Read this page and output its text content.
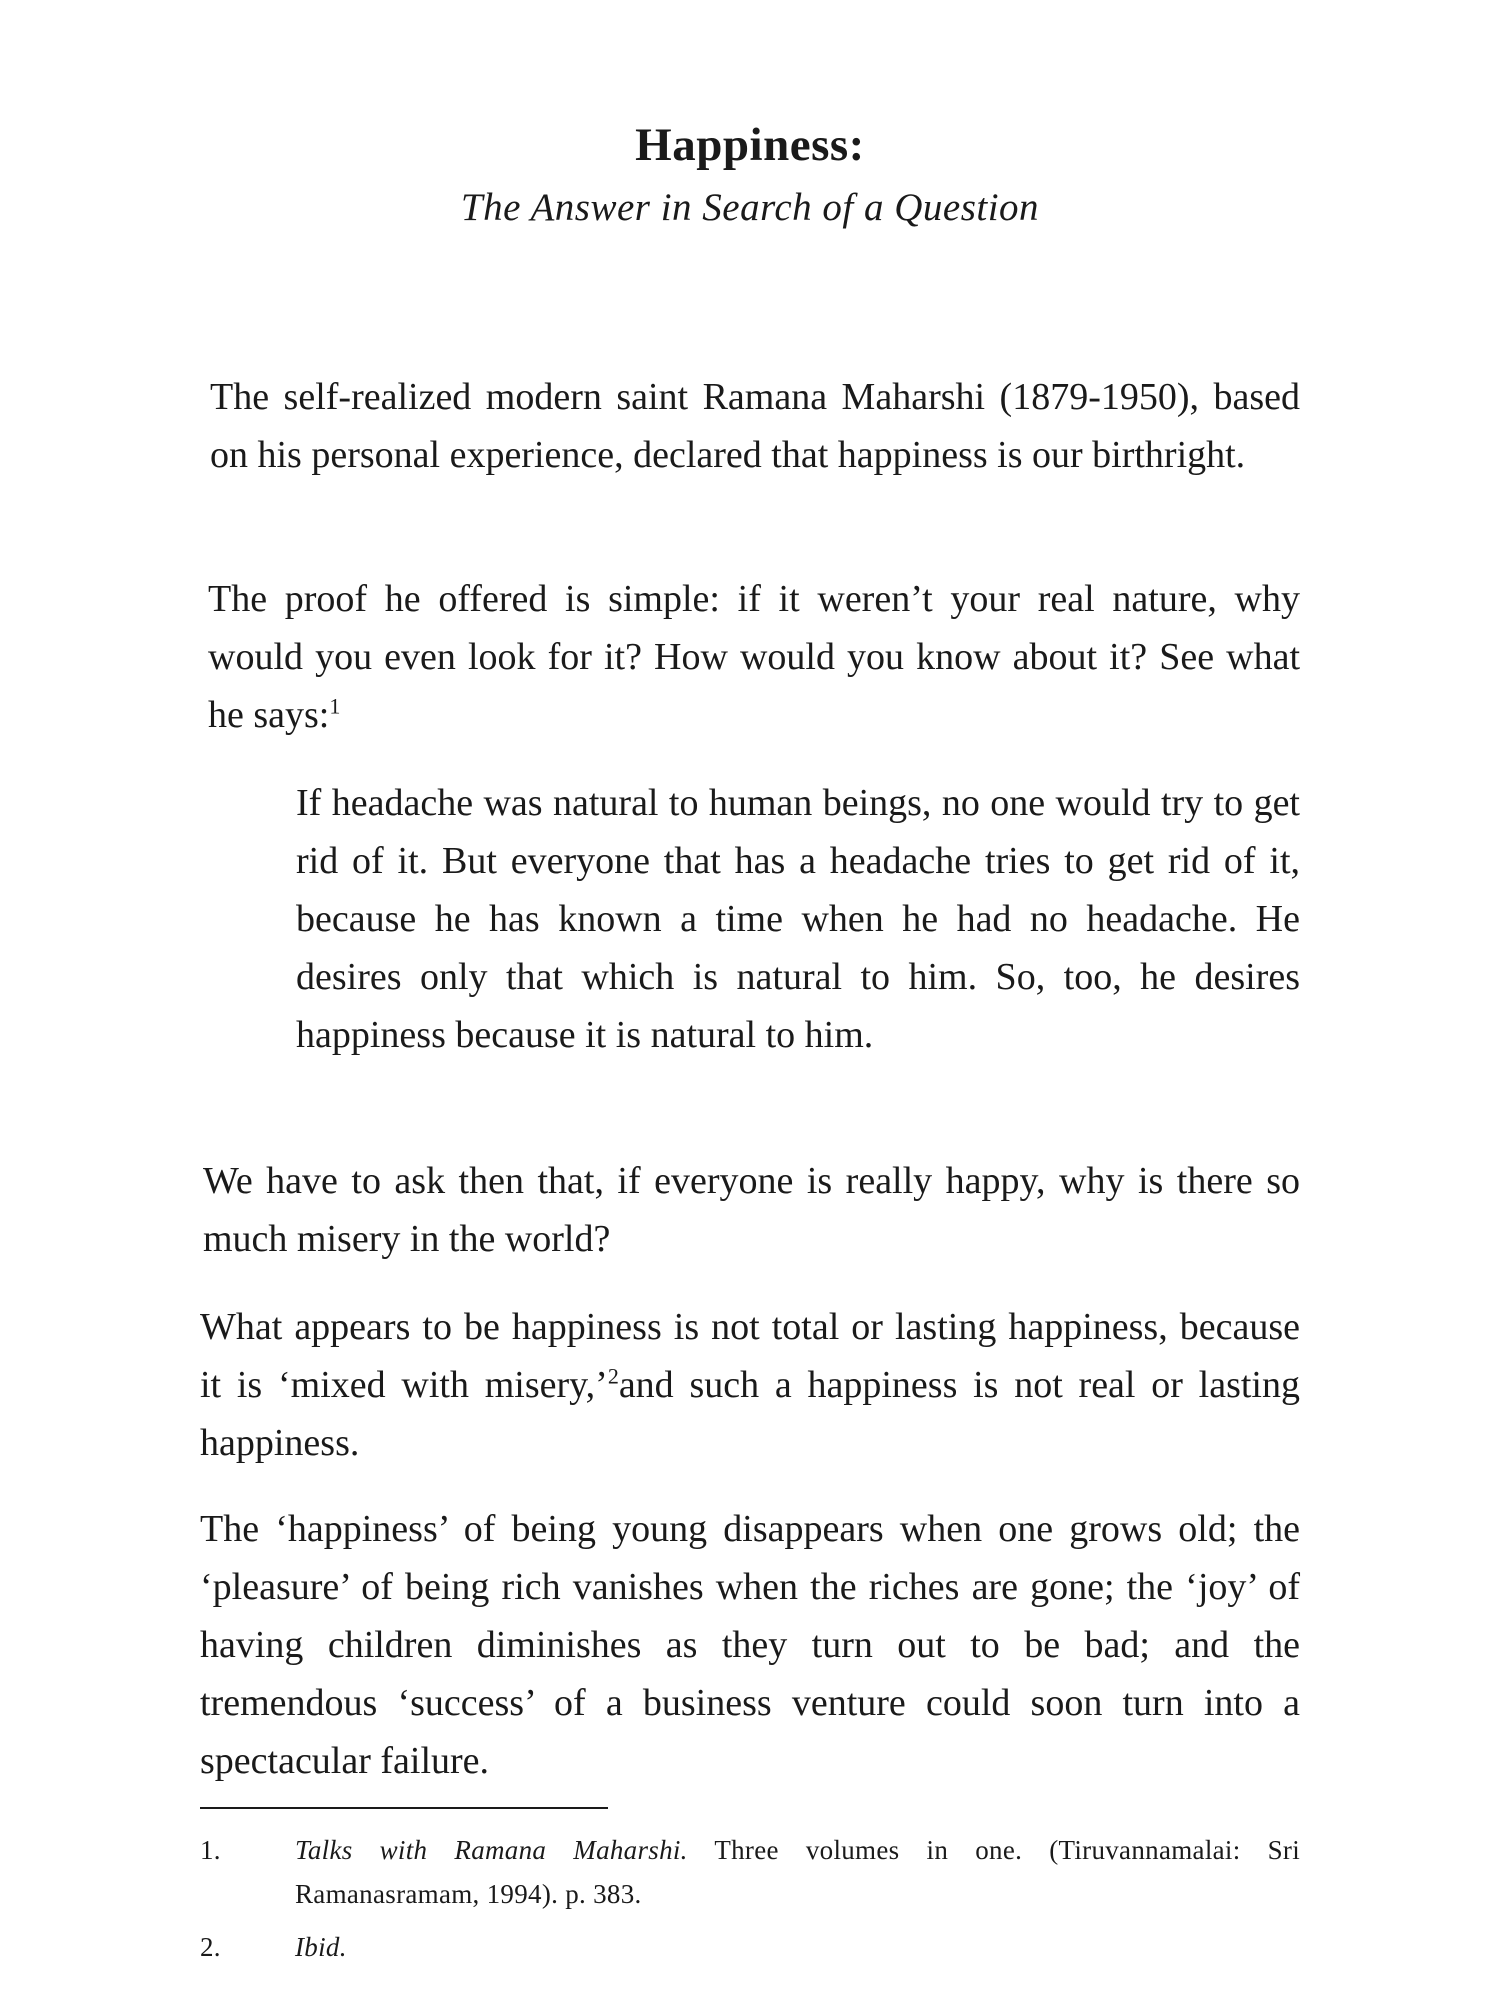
Happiness:
The Answer in Search of a Question

The self-realized modern saint Ramana Maharshi (1879-1950), based on his personal experience, declared that happiness is our birthright.

The proof he offered is simple: if it weren’t your real nature, why would you even look for it? How would you know about it? See what he says:$^1$

If headache was natural to human beings, no one would try to get rid of it. But everyone that has a headache tries to get rid of it, because he has known a time when he had no headache. He desires only that which is natural to him. So, too, he desires happiness because it is natural to him.

We have to ask then that, if everyone is really happy, why is there so much misery in the world?

What appears to be happiness is not total or lasting happiness, because it is ‘mixed with misery,’$^2$and such a happiness is not real or lasting happiness.

The ‘happiness’ of being young disappears when one grows old; the ‘pleasure’ of being rich vanishes when the riches are gone; the ‘joy’ of having children diminishes as they turn out to be bad; and the tremendous ‘success’ of a business venture could soon turn into a spectacular failure.

1.	Talks with Ramana Maharshi. Three volumes in one. (Tiruvannamalai: Sri Ramanasramam, 1994). p. 383.
2.	Ibid.
